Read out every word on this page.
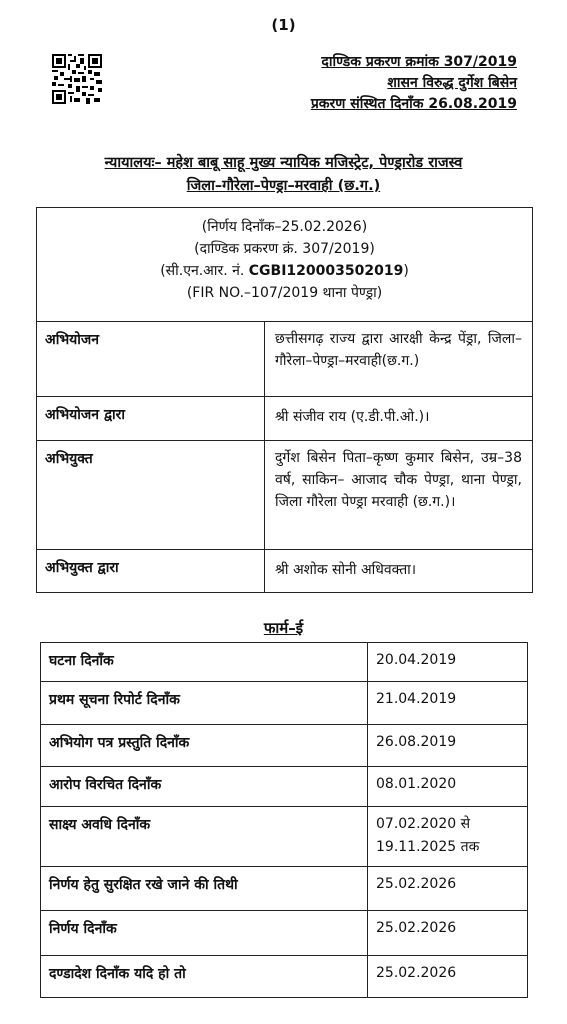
(1)
दाण्डिक प्रकरण क्रमांक 307/2019
शासन विरुद्ध दुर्गेश बिसेन
प्रकरण संस्थित दिनाँक 26.08.2019
न्यायालयः– महेश बाबू साहू मुख्य न्यायिक मजिस्ट्रेट, पेण्ड्रारोड राजस्व
जिला–गौरेला–पेण्ड्रा–मरवाही (छ.ग.)
(निर्णय दिनाँक–25.02.2026)
(दाण्डिक प्रकरण क्रं. 307/2019)
(सी.एन.आर. नं. CGBI120003502019)
(FIR NO.–107/2019 थाना पेण्ड्रा)	

अभियोजन	छत्तीसगढ़ राज्य द्वारा आरक्षी केन्द्र पेंड्रा, जिला–गौरेला–पेण्ड्रा–मरवाही(छ.ग.)
अभियोजन द्वारा	श्री संजीव राय (ए.डी.पी.ओ.)।
अभियुक्त	दुर्गेश बिसेन पिता–कृष्ण कुमार बिसेन, उम्र–38 वर्ष, साकिन– आजाद चौक पेण्ड्रा, थाना पेण्ड्रा, जिला गौरेला पेण्ड्रा मरवाही (छ.ग.)।
अभियुक्त द्वारा	श्री अशोक सोनी अधिवक्ता।
फार्म–ई
घटना दिनाँक	20.04.2019
प्रथम सूचना रिपोर्ट दिनाँक	21.04.2019
अभियोग पत्र प्रस्तुति दिनाँक	26.08.2019
आरोप विरचित दिनाँक	08.01.2020
साक्ष्य अवधि दिनाँक	07.02.2020 से 19.11.2025 तक
निर्णय हेतु सुरक्षित रखे जाने की तिथी	25.02.2026
निर्णय दिनाँक	25.02.2026
दण्डादेश दिनाँक यदि हो तो	25.02.2026
